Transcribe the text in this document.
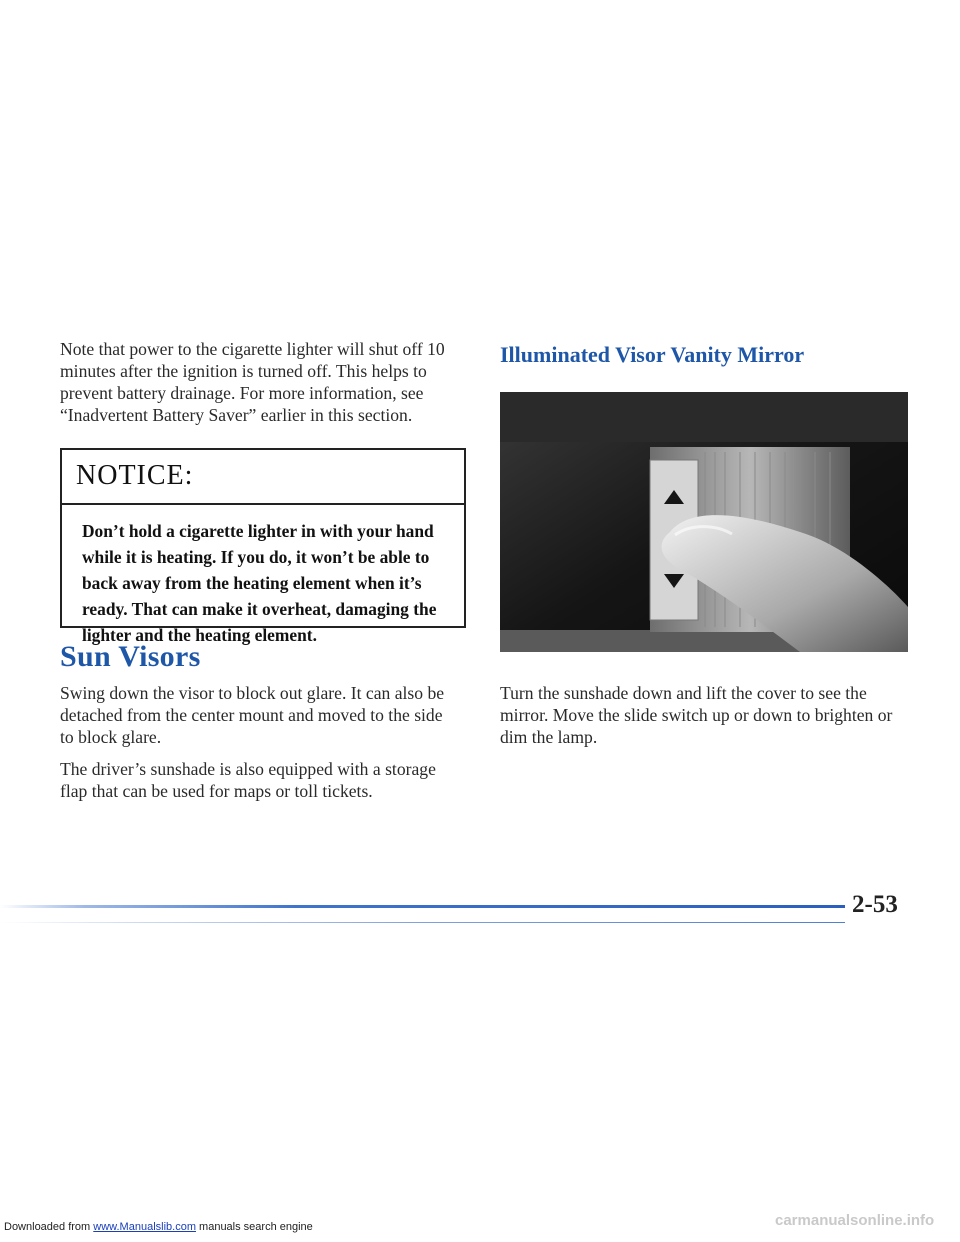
Note that power to the cigarette lighter will shut off 10 minutes after the ignition is turned off. This helps to prevent battery drainage. For more information, see “Inadvertent Battery Saver” earlier in this section.

NOTICE:
Don’t hold a cigarette lighter in with your hand while it is heating. If you do, it won’t be able to back away from the heating element when it’s ready. That can make it overheat, damaging the lighter and the heating element.
Sun Visors

Swing down the visor to block out glare. It can also be detached from the center mount and moved to the side to block glare.

The driver’s sunshade is also equipped with a storage flap that can be used for maps or toll tickets.

Illuminated Visor Vanity Mirror

Turn the sunshade down and lift the cover to see the mirror. Move the slide switch up or down to brighten or dim the lamp.

2-53
Downloaded from www.Manualslib.com manuals search engine	carmanualsonline.info
